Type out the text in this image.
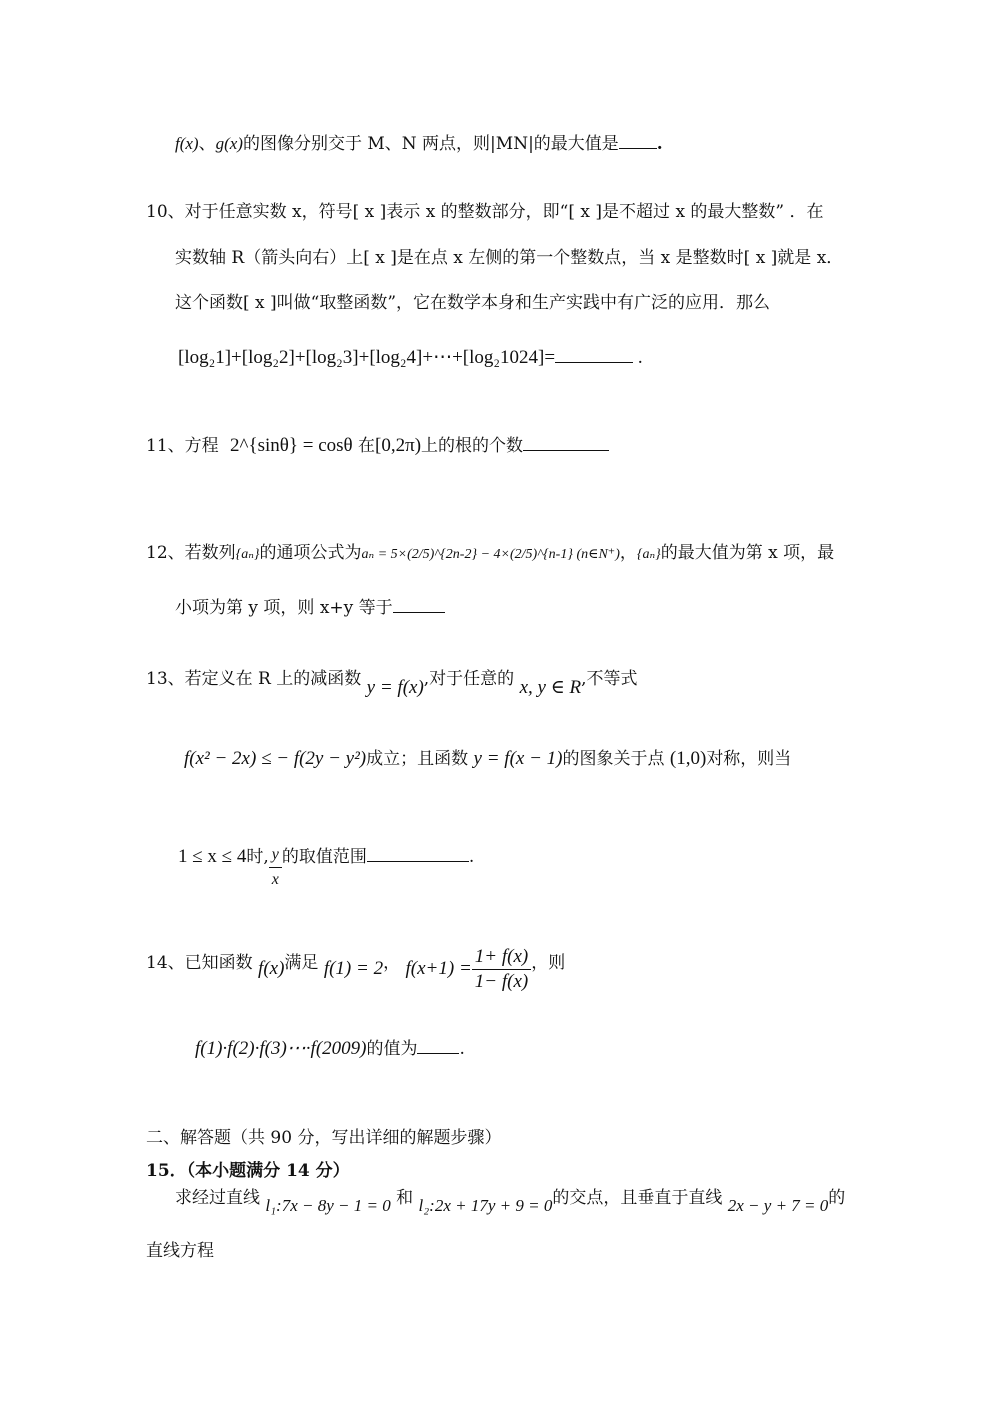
f(x)、g(x)的图像分别交于 M、N 两点，则|MN|的最大值是 .
10、对于任意实数 x，符号[ x ]表示 x 的整数部分，即“[ x ]是不超过 x 的最大整数” ．在
实数轴 R（箭头向右）上[ x ]是在点 x 左侧的第一个整数点，当 x 是整数时[ x ]就是 x．
这个函数[ x ]叫做“取整函数”，它在数学本身和生产实践中有广泛的应用．那么
[log₂1]+[log₂2]+[log₂3]+[log₂4]+⋯+[log₂1024]=	.
11、方程 2^{sinθ} = cosθ 在[0,2π)上的根的个数
12、若数列{aₙ}的通项公式为aₙ = 5×(2/5)^{2n-2} − 4×(2/5)^{n-1} (n∈N⁺)，{aₙ}的最大值为第 x 项，最
小项为第 y 项，则 x+y 等于
13、若定义在 R 上的减函数 y = f(x),对于任意的 x, y ∈ R,不等式
f(x² − 2x) ≤ − f(2y − y²)成立；且函数 y = f(x − 1)的图象关于点 (1,0)对称，则当
1 ≤ x ≤ 4时, $\frac{y}{x}$ 的取值范围	.
14、已知函数 f(x)满足 f(1) = 2， $f(x+1) = \frac{1+ f(x)}{1- f(x)}$ ，则
f(1)·f(2)·f(3)⋯·f(2009)的值为 .
二、解答题（共 90 分，写出详细的解题步骤）
15．（本小题满分 14 分）
求经过直线 l₁:7x − 8y − 1 = 0 和 l₂:2x + 17y + 9 = 0的交点，且垂直于直线 2x − y + 7 = 0的
直线方程
